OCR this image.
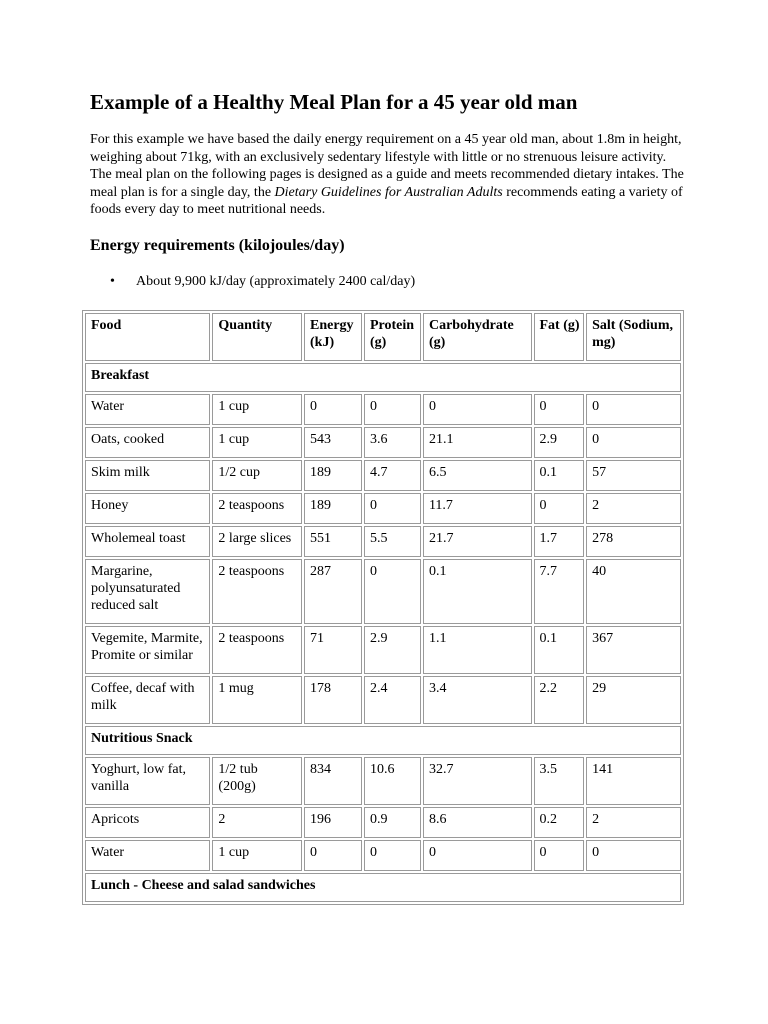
Example of a Healthy Meal Plan for a 45 year old man

For this example we have based the daily energy requirement on a 45 year old man, about 1.8m in height, weighing about 71kg, with an exclusively sedentary lifestyle with little or no strenuous leisure activity. The meal plan on the following pages is designed as a guide and meets recommended dietary intakes. The meal plan is for a single day, the Dietary Guidelines for Australian Adults recommends eating a variety of foods every day to meet nutritional needs.

Energy requirements (kilojoules/day)
• About 9,900 kJ/day (approximately 2400 cal/day)
Food	Quantity	Energy (kJ)	Protein (g)	Carbohydrate (g)	Fat (g)	Salt (Sodium, mg)
Breakfast						
Water	1 cup	0	0	0	0	0
Oats, cooked	1 cup	543	3.6	21.1	2.9	0
Skim milk	1/2 cup	189	4.7	6.5	0.1	57
Honey	2 teaspoons	189	0	11.7	0	2
Wholemeal toast	2 large slices	551	5.5	21.7	1.7	278
Margarine, polyunsaturated reduced salt	2 teaspoons	287	0	0.1	7.7	40
Vegemite, Marmite, Promite or similar	2 teaspoons	71	2.9	1.1	0.1	367
Coffee, decaf with milk	1 mug	178	2.4	3.4	2.2	29
Nutritious Snack						
Yoghurt, low fat, vanilla	1/2 tub (200g)	834	10.6	32.7	3.5	141
Apricots	2	196	0.9	8.6	0.2	2
Water	1 cup	0	0	0	0	0
Lunch - Cheese and salad sandwiches						
